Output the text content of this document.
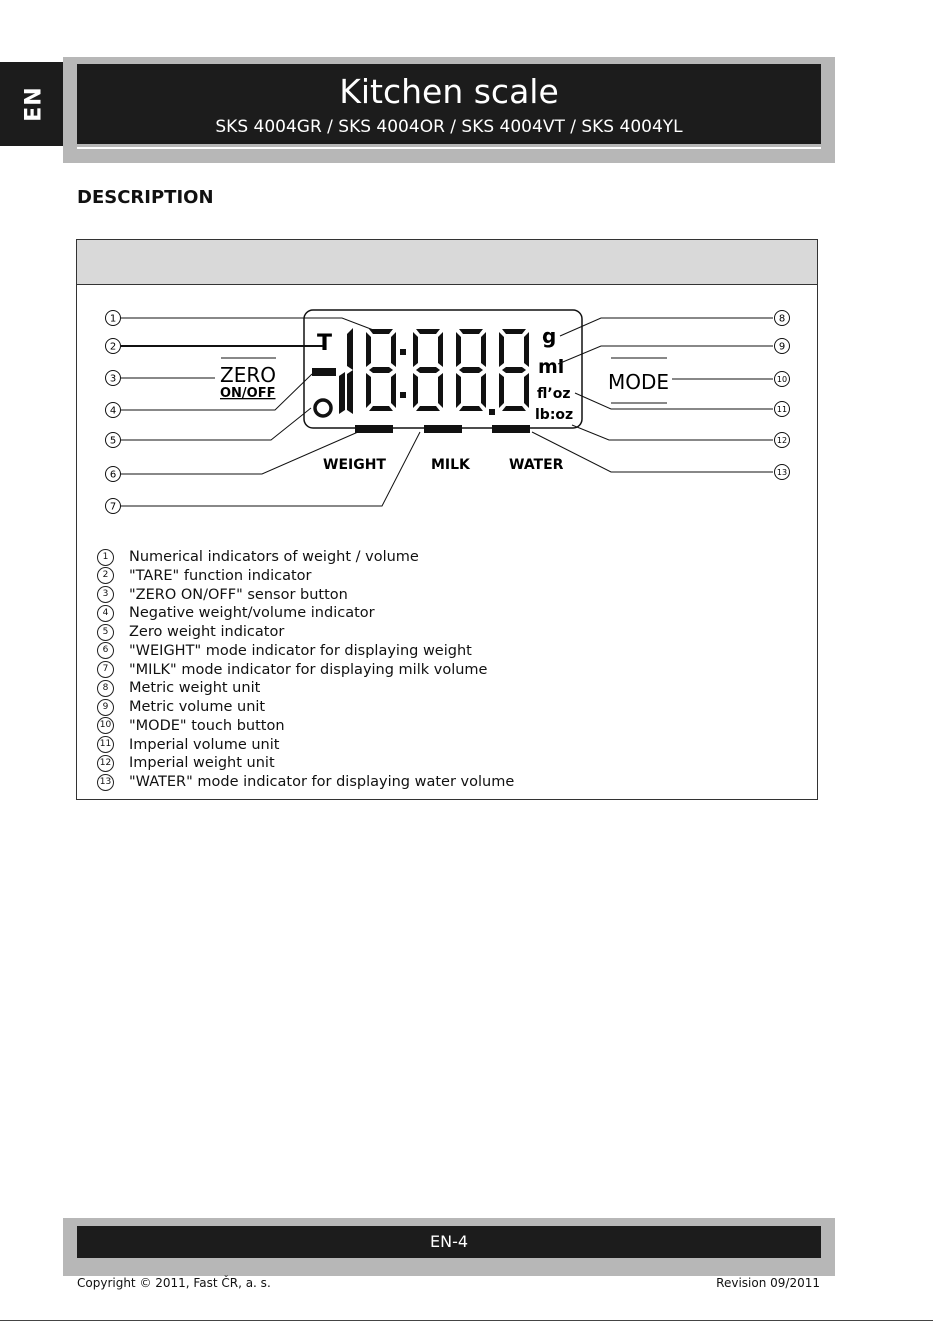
EN	Kitchen scale
SKS 4004GR / SKS 4004OR / SKS 4004VT / SKS 4004YL
DESCRIPTION
T	g
ml
fl’oz
lb:oz
WEIGHT	MILK	WATER
ZERO
ON/OFF	MODE
1
2
3
4
5
6
7
8
9
10
11
12
13
1 Numerical indicators of weight / volume
2 "TARE" function indicator
3 "ZERO ON/OFF" sensor button
4 Negative weight/volume indicator
5 Zero weight indicator
6 "WEIGHT" mode indicator for displaying weight
7 "MILK" mode indicator for displaying milk volume
8 Metric weight unit
9 Metric volume unit
10 "MODE" touch button
11 Imperial volume unit
12 Imperial weight unit
13 "WATER" mode indicator for displaying water volume
EN-4
Copyright © 2011, Fast ČR, a. s.	Revision 09/2011
